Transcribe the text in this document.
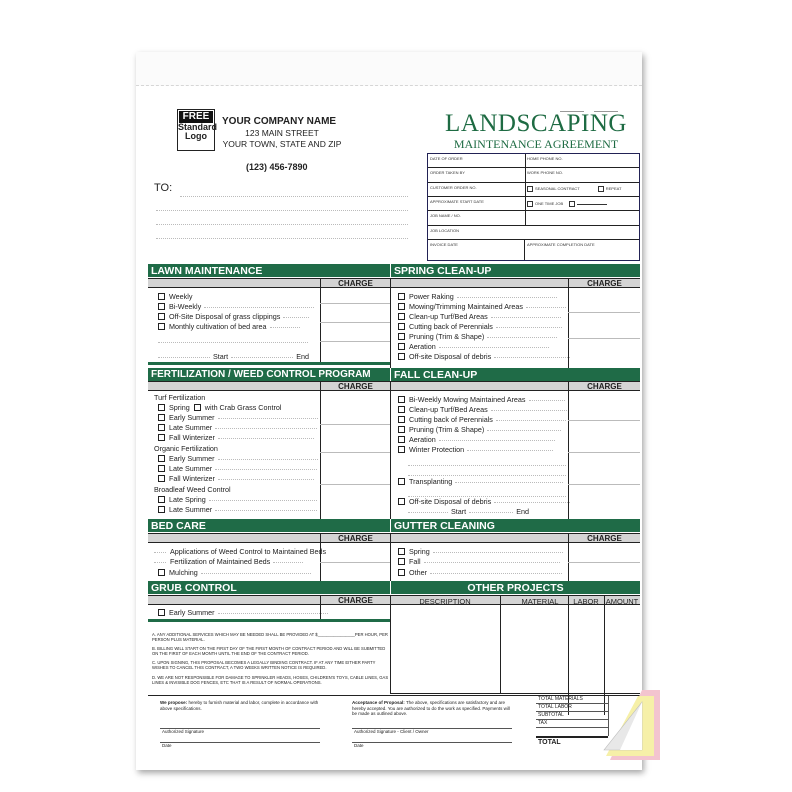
FREE
Standard
Logo
YOUR COMPANY NAME
123 MAIN STREET
YOUR TOWN, STATE AND ZIP
(123) 456-7890
TO:
LANDSCAPING
MAINTENANCE AGREEMENT
DATE OF ORDER	HOME PHONE NO.
ORDER TAKEN BY	WORK PHONE NO.
CUSTOMER ORDER NO.	SEASONAL CONTRACT	REPEAT
APPROXIMATE START DATE	ONE TIME JOB
JOB NAME / NO.
JOB LOCATION
INVOICE DATE	APPROXIMATE COMPLETION DATE
LAWN MAINTENANCE	SPRING CLEAN-UP
CHARGE	CHARGE
Weekly
Bi-Weekly
Off-Site Disposal of grass clippings
Monthly cultivation of bed area
Start	End
Power Raking
Mowing/Trimming Maintained Areas
Clean-up Turf/Bed Areas
Cutting back of Perennials
Pruning (Trim & Shape)
Aeration
Off-site Disposal of debris
FERTILIZATION / WEED CONTROL PROGRAM	FALL CLEAN-UP
CHARGE	CHARGE
Turf Fertilization
Spring with Crab Grass Control
Early Summer
Late Summer
Fall Winterizer
Organic Fertilization
Early Summer
Late Summer
Fall Winterizer
Broadleaf Weed Control
Late Spring
Late Summer
Bi-Weekly Mowing Maintained Areas
Clean-up Turf/Bed Areas
Cutting back of Perennials
Pruning (Trim & Shape)
Aeration
Winter Protection
Transplanting
Off-site Disposal of debris
Start	End
BED CARE	GUTTER CLEANING
CHARGE	CHARGE
Applications of Weed Control to Maintained Beds
Fertilization of Maintained Beds
Mulching
Spring
Fall
Other
GRUB CONTROL	OTHER PROJECTS
CHARGE	DESCRIPTION	MATERIAL	LABOR AMOUNT
Early Summer
A. ANY ADDITIONAL SERVICES WHICH MAY BE NEEDED SHALL BE PROVIDED AT $________________PER HOUR, PER PERSON PLUS MATERIAL.
B. BILLING WILL START ON THE FIRST DAY OF THE FIRST MONTH OF CONTRACT PERIOD AND WILL BE SUBMITTED ON THE FIRST OF EACH MONTH UNTIL THE END OF THE CONTRACT PERIOD.
C. UPON SIGNING, THIS PROPOSAL BECOMES A LEGALLY BINDING CONTRACT. IF AT ANY TIME EITHER PARTY WISHES TO CANCEL THIS CONTRACT, A TWO WEEKS WRITTEN NOTICE IS REQUIRED.
D. WE ARE NOT RESPONSIBLE FOR DAMAGE TO SPRINKLER HEADS, HOSES, CHILDREN'S TOYS, CABLE LINES, GAS LINES & INVISIBLE DOG FENCES, ETC THAT IS A RESULT OF NORMAL OPERATIONS.
We propose: hereby to furnish material and labor, complete in accordance with above specifications.
Authorized Signature
Date
Acceptance of Proposal: The above, specifications are satisfactory and are hereby accepted. You are authorized to do the work as specified. Payments will be made as outlined above.
Authorized Signature - Client / Owner
Date
TOTAL MATERIALS
TOTAL LABOR
SUBTOTAL
TAX
TOTAL
